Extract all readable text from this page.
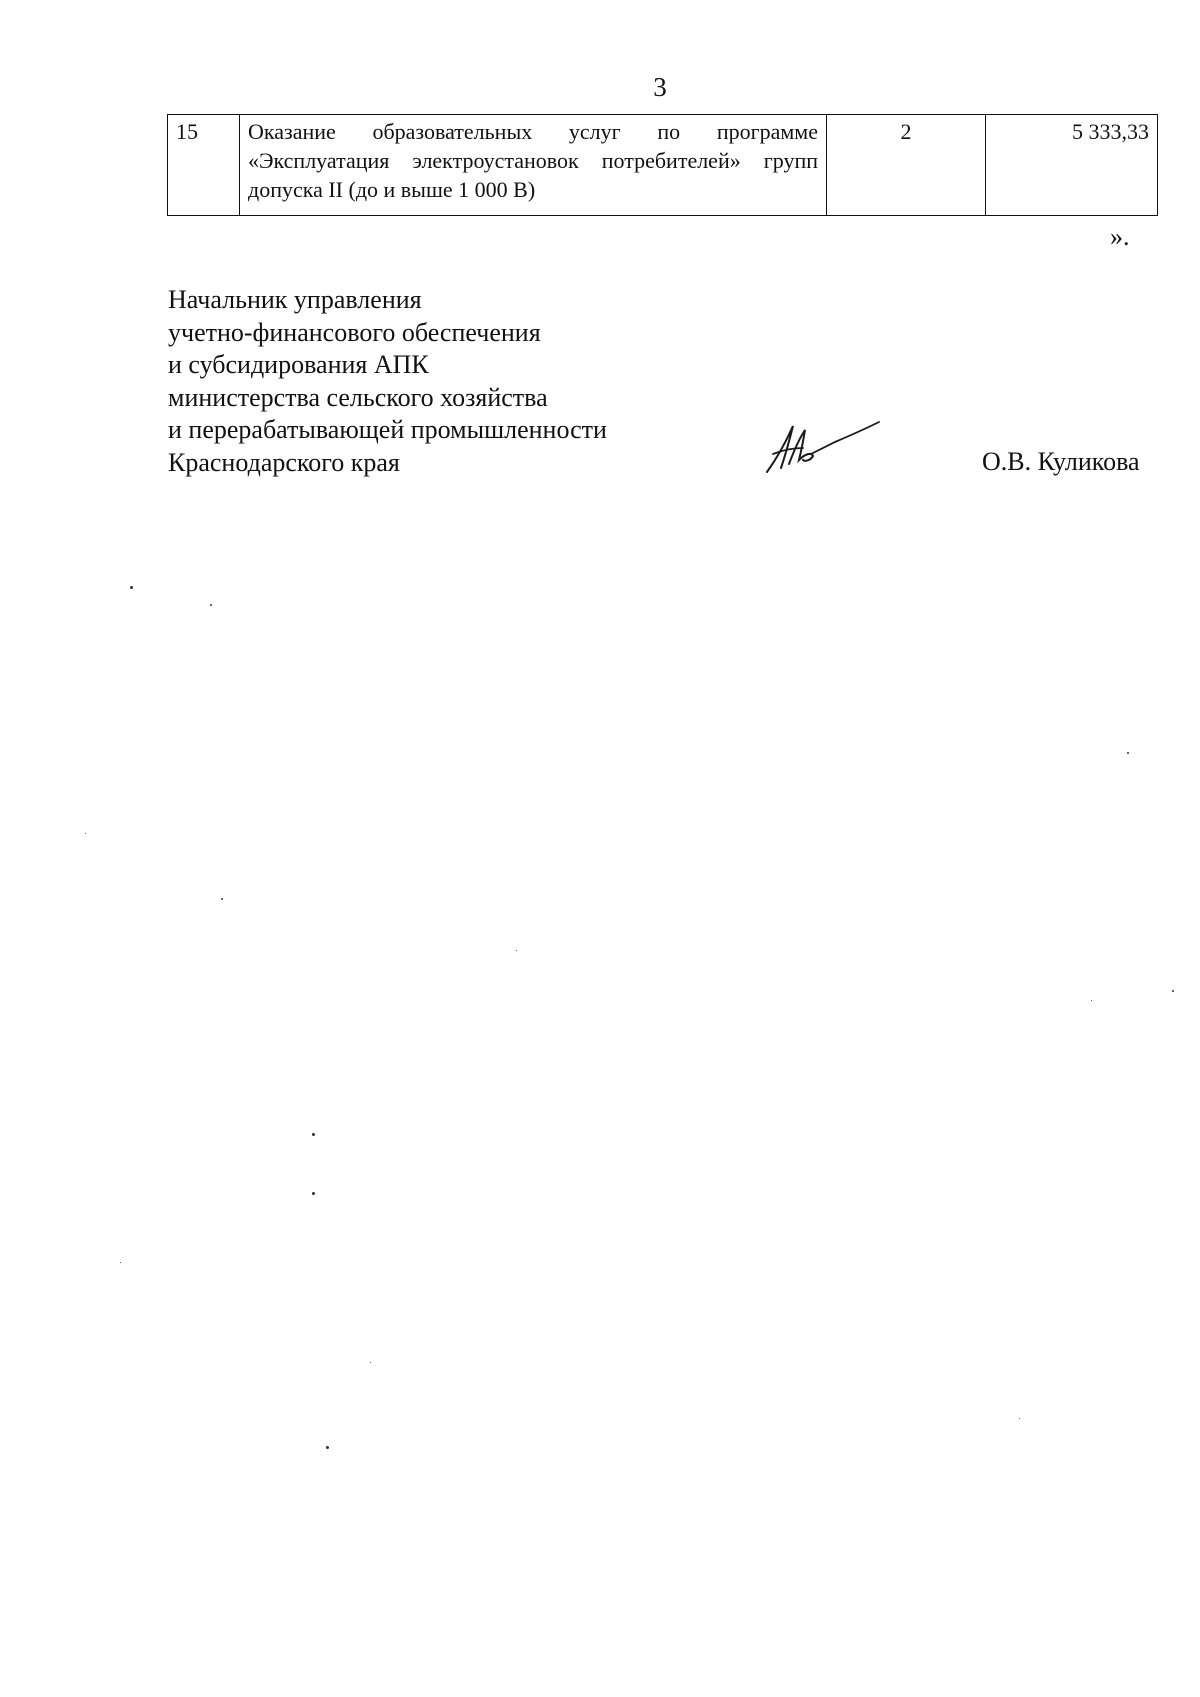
3
15	Оказание образовательных услуг по программе «Эксплуатация электроустановок потребителей» групп допуска II (до и выше 1 000 В)	2	5 333,33
».
Начальник управления
учетно-финансового обеспечения
и субсидирования АПК
министерства сельского хозяйства
и перерабатывающей промышленности
Краснодарского края	О.В. Куликова
